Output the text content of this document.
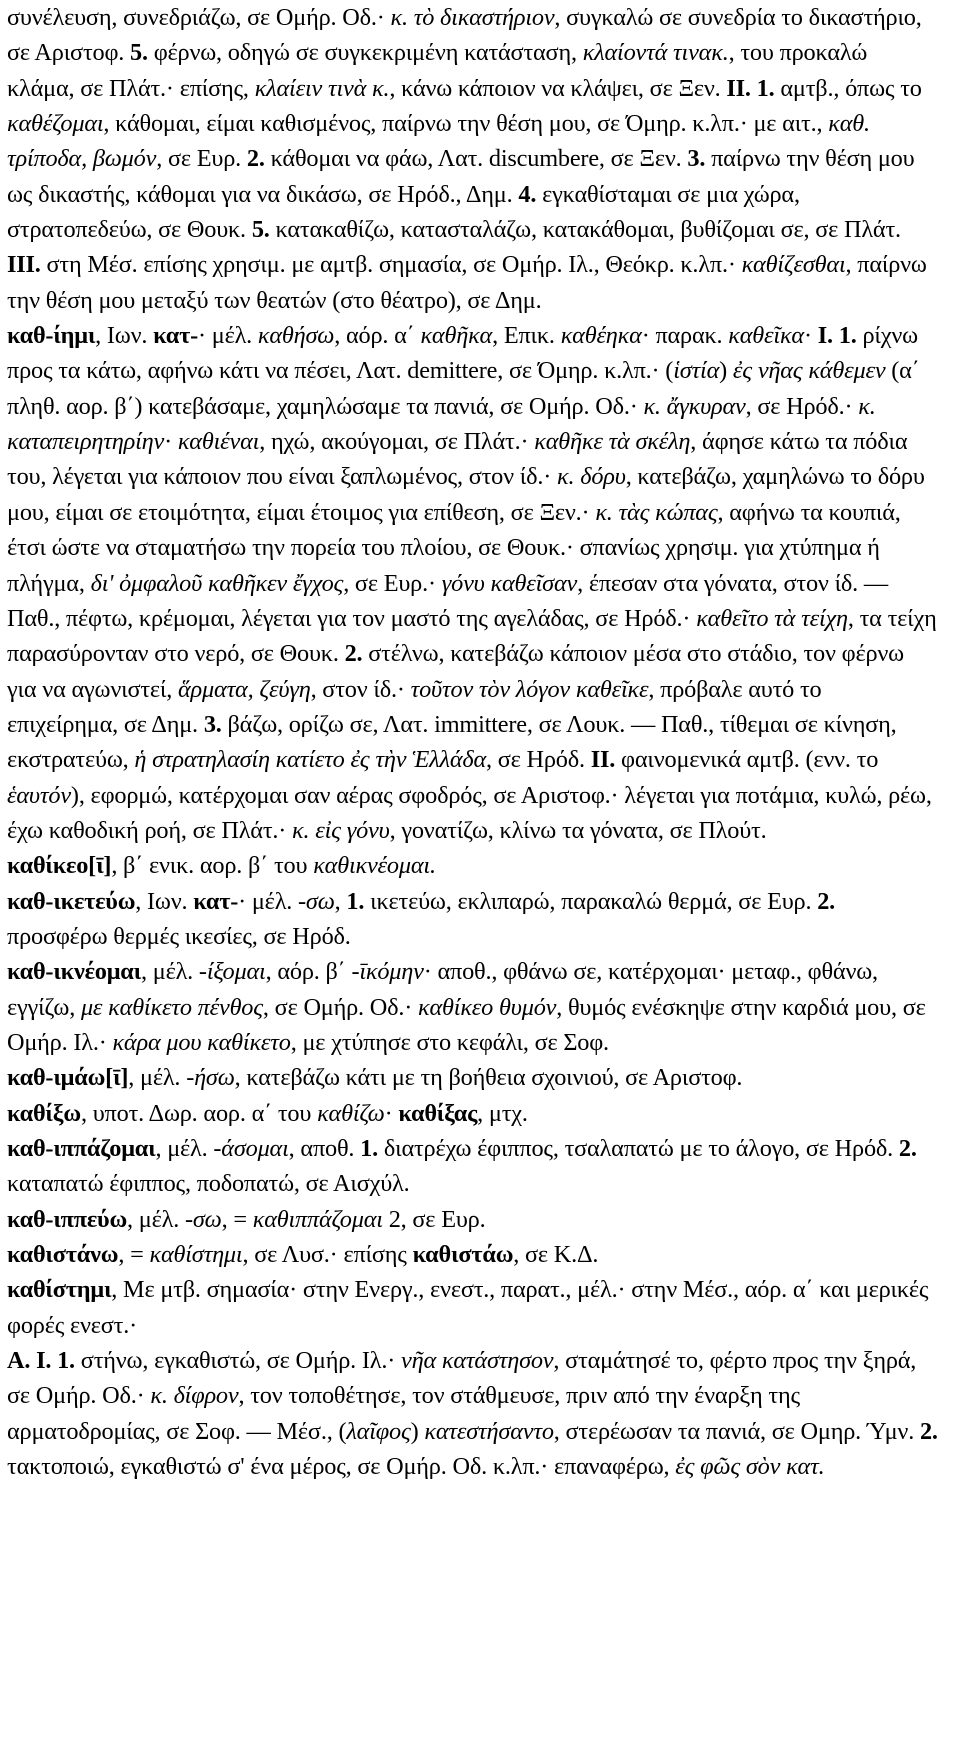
συνέλευση, συνεδριάζω, σε Ομήρ. Οδ.· κ. τὸ δικαστήριον, συγκαλώ σε συνεδρία το δικαστήριο, σε Αριστοφ. 5. φέρνω, οδηγώ σε συγκεκριμένη κατάσταση, κλαίοντά τινακ., του προκαλώ κλάμα, σε Πλάτ.· επίσης, κλαίειν τινὰ κ., κάνω κάποιον να κλάψει, σε Ξεν. II. 1. αμτβ., όπως το καθέζομαι, κάθομαι, είμαι καθισμένος, παίρνω την θέση μου, σε Όμηρ. κ.λπ.· με αιτ., καθ. τρίποδα, βωμόν, σε Ευρ. 2. κάθομαι να φάω, Λατ. discumbere, σε Ξεν. 3. παίρνω την θέση μου ως δικαστής, κάθομαι για να δικάσω, σε Ηρόδ., Δημ. 4. εγκαθίσταμαι σε μια χώρα, στρατοπεδεύω, σε Θουκ. 5. κατακαθίζω, κατασταλάζω, κατακάθομαι, βυθίζομαι σε, σε Πλάτ. III. στη Μέσ. επίσης χρησιμ. με αμτβ. σημασία, σε Ομήρ. Ιλ., Θεόκρ. κ.λπ.· καθίζεσθαι, παίρνω την θέση μου μεταξύ των θεατών (στο θέατρο), σε Δημ.

καθ-ίημι, Ιων. κατ-· μέλ. καθήσω, αόρ. α΄ καθῆκα, Επικ. καθέηκα· παρακ. καθεῖκα· I. 1. ρίχνω προς τα κάτω, αφήνω κάτι να πέσει, Λατ. demittere, σε Όμηρ. κ.λπ.· (ἱστία) ἐς νῆας κάθεμεν (α΄ πληθ. αορ. β΄) κατεβάσαμε, χαμηλώσαμε τα πανιά, σε Ομήρ. Οδ.· κ. ἄγκυραν, σε Ηρόδ.· κ. καταπειρητηρίην· καθιέναι, ηχώ, ακούγομαι, σε Πλάτ.· καθῆκε τὰ σκέλη, άφησε κάτω τα πόδια του, λέγεται για κάποιον που είναι ξαπλωμένος, στον ίδ.· κ. δόρυ, κατεβάζω, χαμηλώνω το δόρυ μου, είμαι σε ετοιμότητα, είμαι έτοιμος για επίθεση, σε Ξεν.· κ. τὰς κώπας, αφήνω τα κουπιά, έτσι ώστε να σταματήσω την πορεία του πλοίου, σε Θουκ.· σπανίως χρησιμ. για χτύπημα ή πλήγμα, δι' ὀμφαλοῦ καθῆκεν ἔγχος, σε Ευρ.· γόνυ καθεῖσαν, έπεσαν στα γόνατα, στον ίδ. — Παθ., πέφτω, κρέμομαι, λέγεται για τον μαστό της αγελάδας, σε Ηρόδ.· καθεῖτο τὰ τείχη, τα τείχη παρασύρονταν στο νερό, σε Θουκ. 2. στέλνω, κατεβάζω κάποιον μέσα στο στάδιο, τον φέρνω για να αγωνιστεί, ἅρματα, ζεύγη, στον ίδ.· τοῦτον τὸν λόγον καθεῖκε, πρόβαλε αυτό το επιχείρημα, σε Δημ. 3. βάζω, ορίζω σε, Λατ. immittere, σε Λουκ. — Παθ., τίθεμαι σε κίνηση, εκστρατεύω, ἡ στρατηλασίη κατίετο ἐς τὴν Ἑλλάδα, σε Ηρόδ. II. φαινομενικά αμτβ. (ενν. το ἑαυτόν), εφορμώ, κατέρχομαι σαν αέρας σφοδρός, σε Αριστοφ.· λέγεται για ποτάμια, κυλώ, ρέω, έχω καθοδική ροή, σε Πλάτ.· κ. εἰς γόνυ, γονατίζω, κλίνω τα γόνατα, σε Πλούτ.

καθίκεο[ῑ], β΄ ενικ. αορ. β΄ του καθικνέομαι.

καθ-ικετεύω, Ιων. κατ-· μέλ. -σω, 1. ικετεύω, εκλιπαρώ, παρακαλώ θερμά, σε Ευρ. 2. προσφέρω θερμές ικεσίες, σε Ηρόδ.

καθ-ικνέομαι, μέλ. -ίξομαι, αόρ. β΄ -ῑκόμην· αποθ., φθάνω σε, κατέρχομαι· μεταφ., φθάνω, εγγίζω, με καθίκετο πένθος, σε Ομήρ. Οδ.· καθίκεο θυμόν, θυμός ενέσκηψε στην καρδιά μου, σε Ομήρ. Ιλ.· κάρα μου καθίκετο, με χτύπησε στο κεφάλι, σε Σοφ.

καθ-ιμάω[ῑ], μέλ. -ήσω, κατεβάζω κάτι με τη βοήθεια σχοινιού, σε Αριστοφ.

καθίξω, υποτ. Δωρ. αορ. α΄ του καθίζω· καθίξας, μτχ.

καθ-ιππάζομαι, μέλ. -άσομαι, αποθ. 1. διατρέχω έφιππος, τσαλαπατώ με το άλογο, σε Ηρόδ. 2. καταπατώ έφιππος, ποδοπατώ, σε Αισχύλ.

καθ-ιππεύω, μέλ. -σω, = καθιππάζομαι 2, σε Ευρ.

καθιστάνω, = καθίστημι, σε Λυσ.· επίσης καθιστάω, σε Κ.Δ.

καθίστημι, Με μτβ. σημασία· στην Ενεργ., ενεστ., παρατ., μέλ.· στην Μέσ., αόρ. α΄ και μερικές φορές ενεστ.·

A. I. 1. στήνω, εγκαθιστώ, σε Ομήρ. Ιλ.· νῆα κατάστησον, σταμάτησέ το, φέρτο προς την ξηρά, σε Ομήρ. Οδ.· κ. δίφρον, τον τοποθέτησε, τον στάθμευσε, πριν από την έναρξη της αρματοδρομίας, σε Σοφ. — Μέσ., (λαῖφος) κατεστήσαντο, στερέωσαν τα πανιά, σε Ομηρ. Ύμν. 2. τακτοποιώ, εγκαθιστώ σ' ένα μέρος, σε Ομήρ. Οδ. κ.λπ.· επαναφέρω, ἐς φῶς σὸν κατ.
